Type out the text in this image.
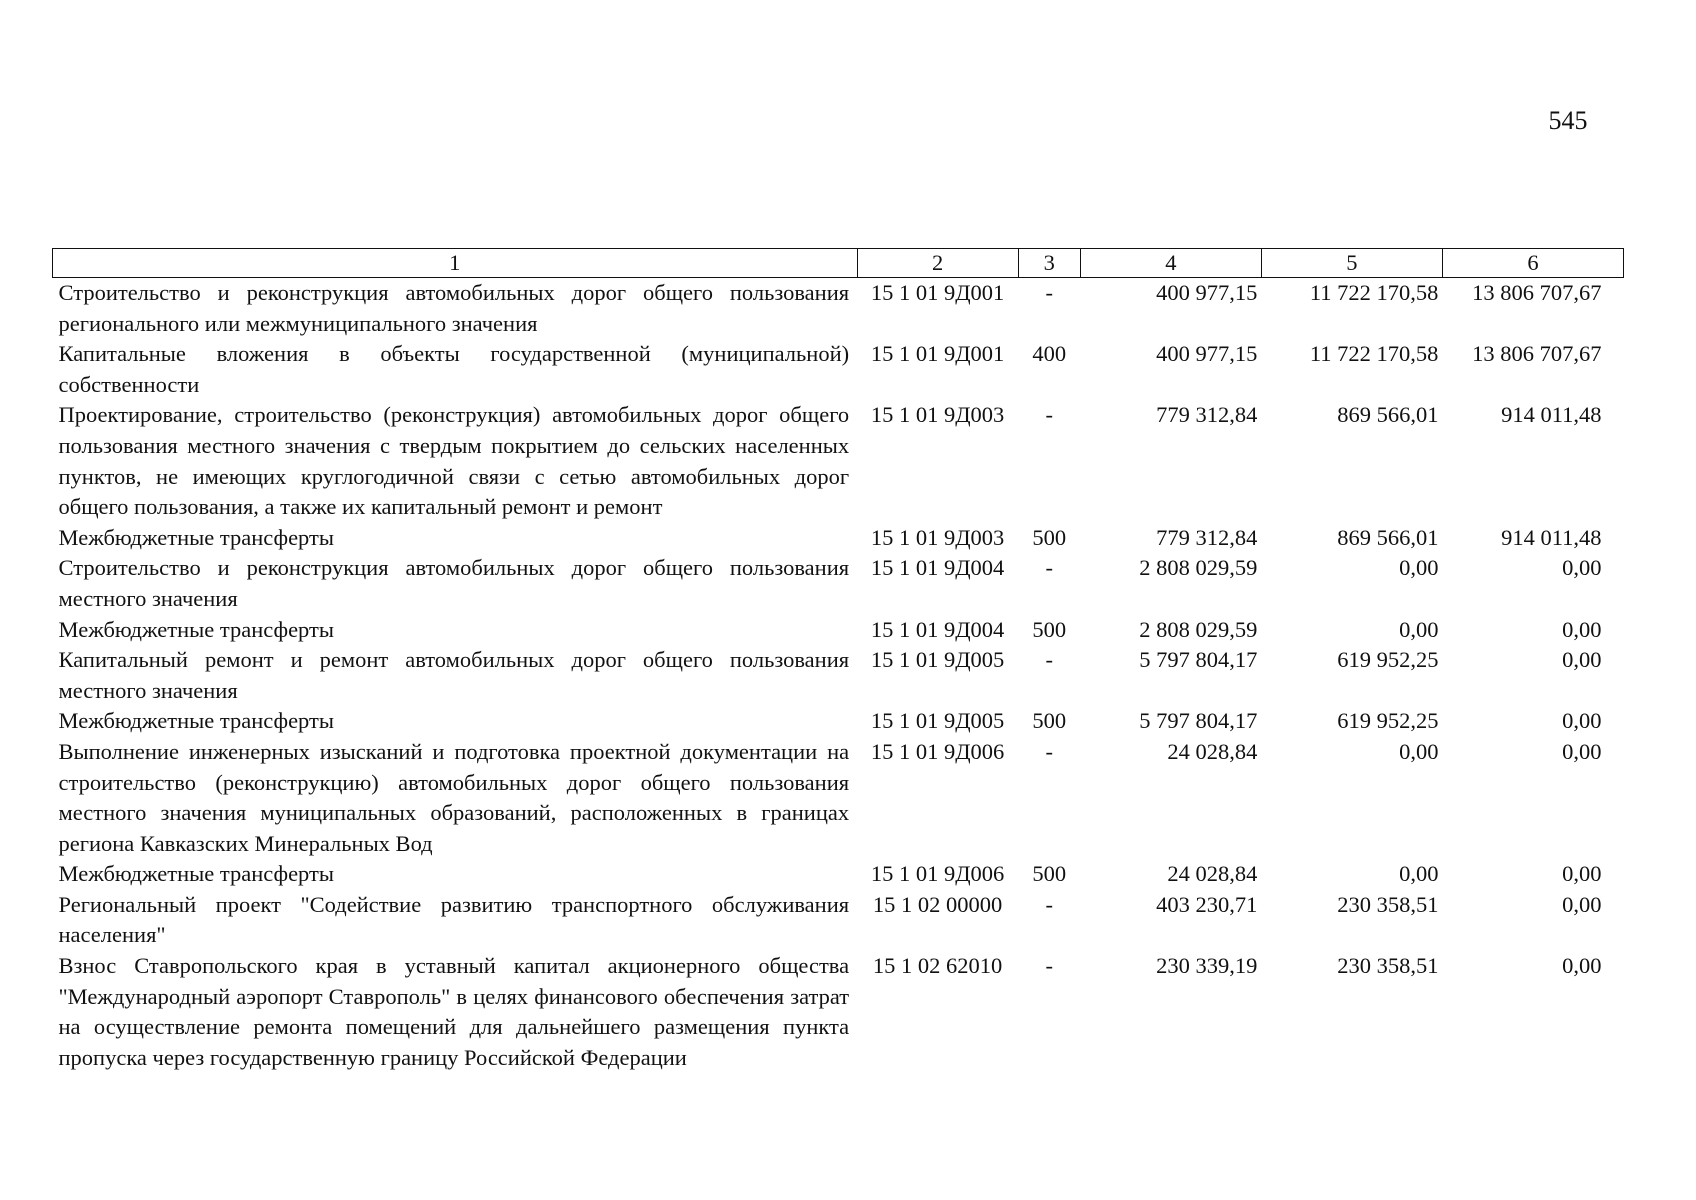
545
1	2	3	4	5	6
Строительство и реконструкция автомобильных дорог общего пользования регионального или межмуниципального значения	15 1 01 9Д001	-	400 977,15	11 722 170,58	13 806 707,67
Капитальные вложения в объекты государственной (муниципальной) собственности	15 1 01 9Д001	400	400 977,15	11 722 170,58	13 806 707,67
Проектирование, строительство (реконструкция) автомобильных дорог общего пользования местного значения с твердым покрытием до сельских населенных пунктов, не имеющих круглогодичной связи с сетью автомобильных дорог общего пользования, а также их капитальный ремонт и ремонт	15 1 01 9Д003	-	779 312,84	869 566,01	914 011,48
Межбюджетные трансферты	15 1 01 9Д003	500	779 312,84	869 566,01	914 011,48
Строительство и реконструкция автомобильных дорог общего пользования местного значения	15 1 01 9Д004	-	2 808 029,59	0,00	0,00
Межбюджетные трансферты	15 1 01 9Д004	500	2 808 029,59	0,00	0,00
Капитальный ремонт и ремонт автомобильных дорог общего пользования местного значения	15 1 01 9Д005	-	5 797 804,17	619 952,25	0,00
Межбюджетные трансферты	15 1 01 9Д005	500	5 797 804,17	619 952,25	0,00
Выполнение инженерных изысканий и подготовка проектной документации на строительство (реконструкцию) автомобильных дорог общего пользования местного значения муниципальных образований, расположенных в границах региона Кавказских Минеральных Вод	15 1 01 9Д006	-	24 028,84	0,00	0,00
Межбюджетные трансферты	15 1 01 9Д006	500	24 028,84	0,00	0,00
Региональный проект "Содействие развитию транспортного обслуживания населения"	15 1 02 00000	-	403 230,71	230 358,51	0,00
Взнос Ставропольского края в уставный капитал акционерного общества "Международный аэропорт Ставрополь" в целях финансового обеспечения затрат на осуществление ремонта помещений для дальнейшего размещения пункта пропуска через государственную границу Российской Федерации	15 1 02 62010	-	230 339,19	230 358,51	0,00
